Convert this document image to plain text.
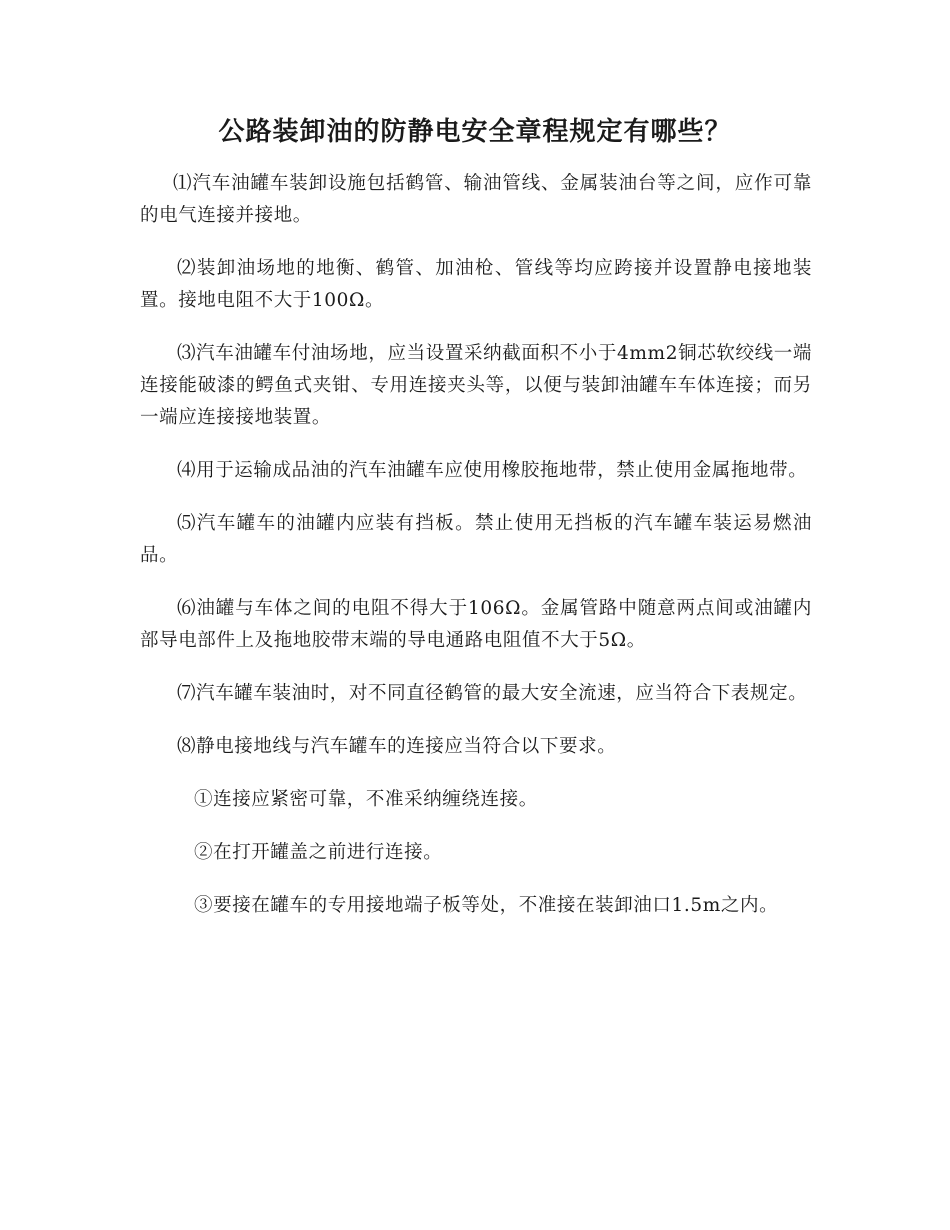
公路装卸油的防静电安全章程规定有哪些？

⑴汽车油罐车装卸设施包括鹤管、输油管线、金属装油台等之间，应作可靠的电气连接并接地。

⑵装卸油场地的地衡、鹤管、加油枪、管线等均应跨接并设置静电接地装置。接地电阻不大于100Ω。

⑶汽车油罐车付油场地，应当设置采纳截面积不小于4mm2铜芯软绞线一端连接能破漆的鳄鱼式夹钳、专用连接夹头等，以便与装卸油罐车车体连接；而另一端应连接接地装置。

⑷用于运输成品油的汽车油罐车应使用橡胶拖地带，禁止使用金属拖地带。

⑸汽车罐车的油罐内应装有挡板。禁止使用无挡板的汽车罐车装运易燃油品。

⑹油罐与车体之间的电阻不得大于106Ω。金属管路中随意两点间或油罐内部导电部件上及拖地胶带末端的导电通路电阻值不大于5Ω。

⑺汽车罐车装油时，对不同直径鹤管的最大安全流速，应当符合下表规定。

⑻静电接地线与汽车罐车的连接应当符合以下要求。

①连接应紧密可靠，不准采纳缠绕连接。

②在打开罐盖之前进行连接。

③要接在罐车的专用接地端子板等处，不准接在装卸油口1.5m之内。
